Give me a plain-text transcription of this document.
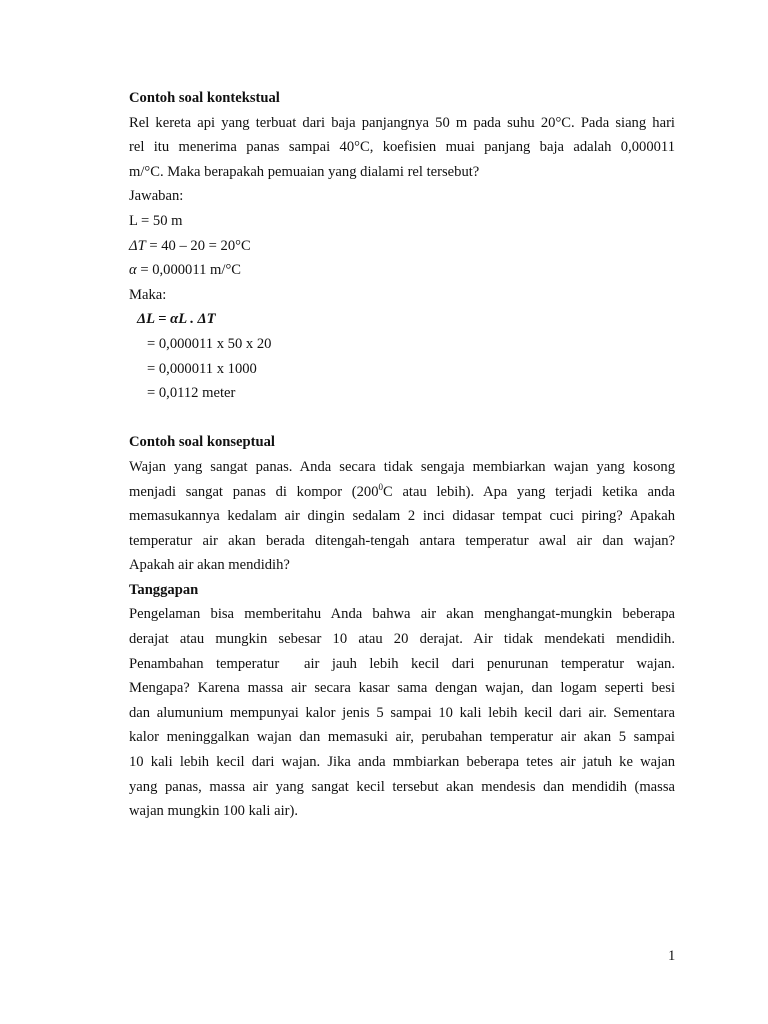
Contoh soal kontekstual
Rel kereta api yang terbuat dari baja panjangnya 50 m pada suhu 20°C. Pada siang hari
rel itu menerima panas sampai 40°C, koefisien muai panjang baja adalah 0,000011
m/°C. Maka berapakah pemuaian yang dialami rel tersebut?
Jawaban:
L = 50 m
ΔT = 40 – 20 = 20°C
α = 0,000011 m/°C
Maka:
ΔL = αL . ΔT
= 0,000011 x 50 x 20
= 0,000011 x 1000
= 0,0112 meter
Contoh soal konseptual
Wajan yang sangat panas. Anda secara tidak sengaja membiarkan wajan yang kosong
menjadi sangat panas di kompor ($200^0C$ atau lebih). Apa yang terjadi ketika anda
memasukannya kedalam air dingin sedalam 2 inci didasar tempat cuci piring? Apakah
temperatur air akan berada ditengah-tengah antara temperatur awal air dan wajan?
Apakah air akan mendidih?
Tanggapan
Pengelaman bisa memberitahu Anda bahwa air akan menghangat-mungkin beberapa
derajat atau mungkin sebesar 10 atau 20 derajat. Air tidak mendekati mendidih.
Penambahan temperatur  air jauh lebih kecil dari penurunan temperatur wajan.
Mengapa? Karena massa air secara kasar sama dengan wajan, dan logam seperti besi
dan alumunium mempunyai kalor jenis 5 sampai 10 kali lebih kecil dari air. Sementara
kalor meninggalkan wajan dan memasuki air, perubahan temperatur air akan 5 sampai
10 kali lebih kecil dari wajan. Jika anda mmbiarkan beberapa tetes air jatuh ke wajan
yang panas, massa air yang sangat kecil tersebut akan mendesis dan mendidih (massa
wajan mungkin 100 kali air).
1
